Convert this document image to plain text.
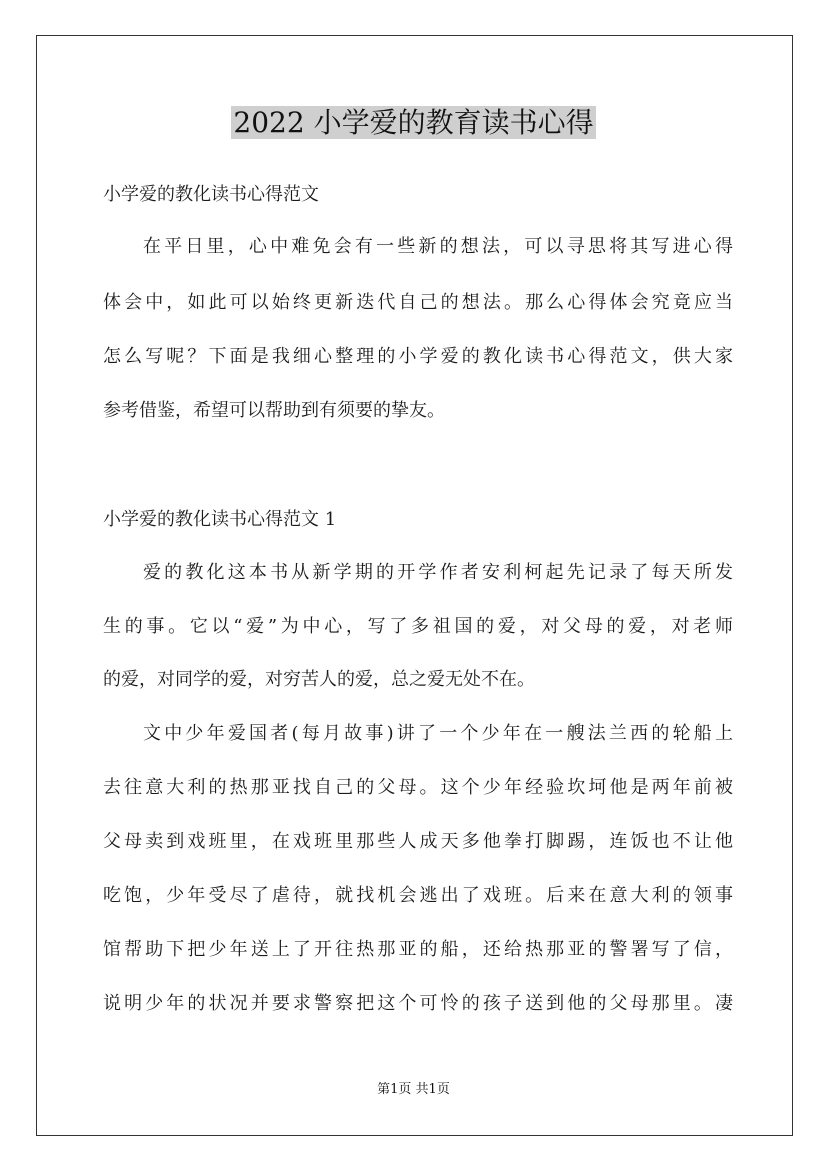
2022 小学爱的教育读书心得
小学爱的教化读书心得范文
在平日里，心中难免会有一些新的想法，可以寻思将其写进心得
体会中，如此可以始终更新迭代自己的想法。那么心得体会究竟应当
怎么写呢？下面是我细心整理的小学爱的教化读书心得范文，供大家
参考借鉴，希望可以帮助到有须要的挚友。
小学爱的教化读书心得范文 1
爱的教化这本书从新学期的开学作者安利柯起先记录了每天所发
生的事。它以“爱”为中心，写了多祖国的爱，对父母的爱，对老师
的爱，对同学的爱，对穷苦人的爱，总之爱无处不在。
文中少年爱国者(每月故事)讲了一个少年在一艘法兰西的轮船上
去往意大利的热那亚找自己的父母。这个少年经验坎坷他是两年前被
父母卖到戏班里，在戏班里那些人成天多他拳打脚踢，连饭也不让他
吃饱，少年受尽了虐待，就找机会逃出了戏班。后来在意大利的领事
馆帮助下把少年送上了开往热那亚的船，还给热那亚的警署写了信，
说明少年的状况并要求警察把这个可怜的孩子送到他的父母那里。凄
第1页 共1页
